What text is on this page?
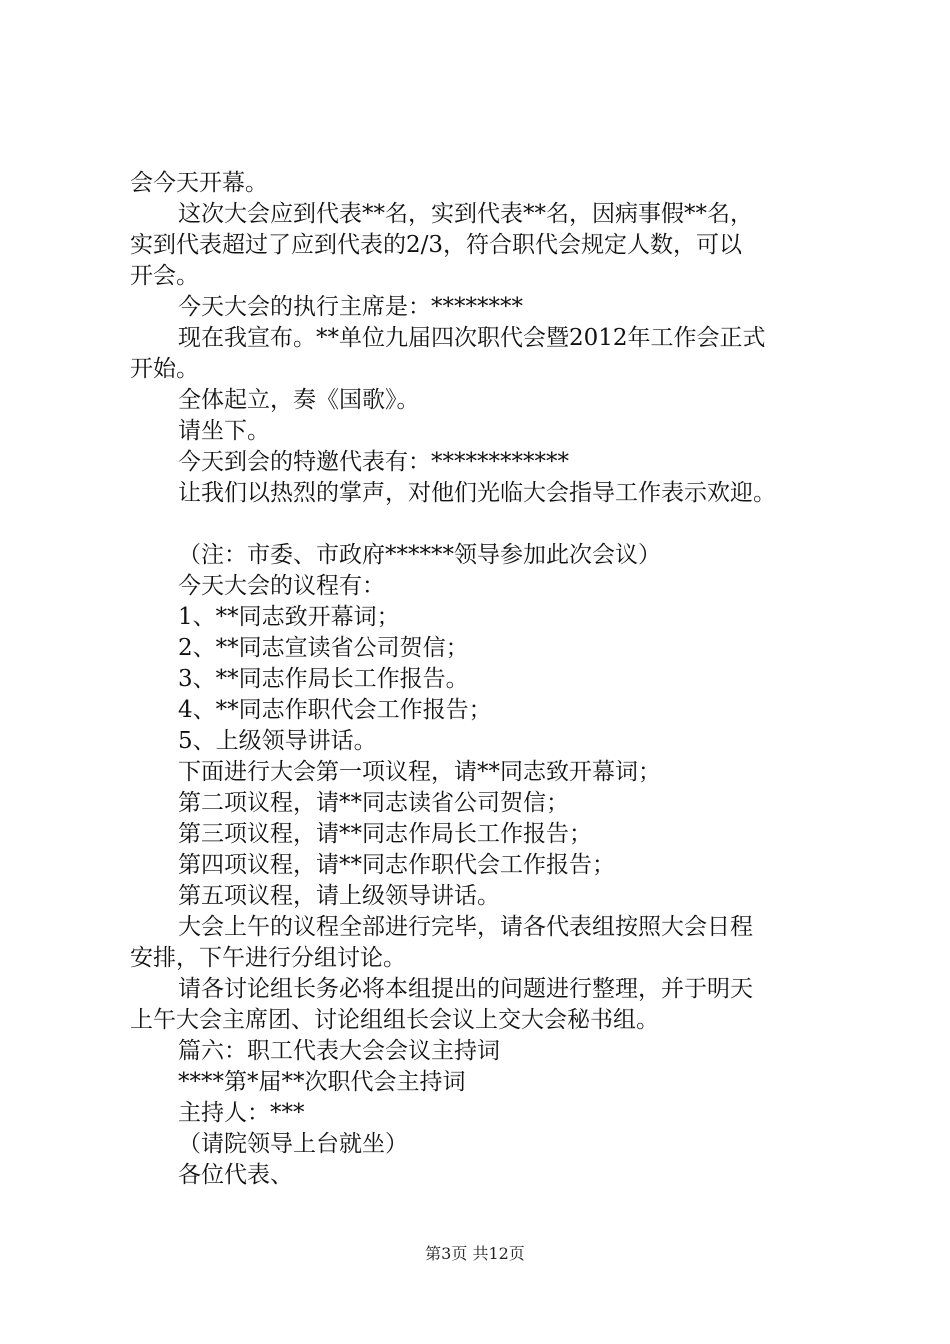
会今天开幕。

这次大会应到代表**名，实到代表**名，因病事假**名，

实到代表超过了应到代表的2/3，符合职代会规定人数，可以

开会。

今天大会的执行主席是：********

现在我宣布。**单位九届四次职代会暨2012年工作会正式

开始。

全体起立，奏《国歌》。

请坐下。

今天到会的特邀代表有：************

让我们以热烈的掌声，对他们光临大会指导工作表示欢迎。

（注：市委、市政府******领导参加此次会议）

今天大会的议程有：

1、**同志致开幕词；

2、**同志宣读省公司贺信；

3、**同志作局长工作报告。

4、**同志作职代会工作报告；

5、上级领导讲话。

下面进行大会第一项议程，请**同志致开幕词；

第二项议程，请**同志读省公司贺信；

第三项议程，请**同志作局长工作报告；

第四项议程，请**同志作职代会工作报告；

第五项议程，请上级领导讲话。

大会上午的议程全部进行完毕，请各代表组按照大会日程

安排，下午进行分组讨论。

请各讨论组长务必将本组提出的问题进行整理，并于明天

上午大会主席团、讨论组组长会议上交大会秘书组。

篇六：职工代表大会会议主持词

****第*届**次职代会主持词

主持人：***

（请院领导上台就坐）

各位代表、

第3页 共12页
